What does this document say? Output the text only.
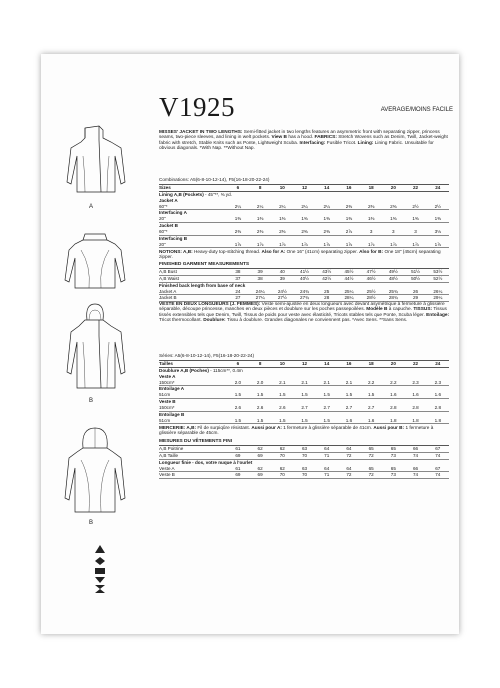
A
B
B
V1925	AVERAGE/MOINS FACILE

MISSES' JACKET IN TWO LENGTHS: Semi-fitted jacket in two lengths features an asymmetric front with separating zipper, princess seams, two-piece sleeves, and lining in welt pockets. View B has a hood. FABRICS: Stretch Wovens such as Denim, Twill, Jacket-weight fabric with stretch, Stable Knits such as Ponte, Lightweight Scuba. Interfacing: Fusible Tricot. Lining: Lining Fabric. Unsuitable for obvious diagonals. *With Nap. **Without Nap.

Combinations: A5(6-8-10-12-14), F5(16-18-20-22-24)
Sizes	6	8	10	12	14	16	18	20	22	24
Lining A,B (Pockets) - 45"**, ⅜ yd.										
Jacket A										
60"*	2¼	2¼	2¼	2¼	2¼	2⅜	2⅜	2⅜	2½	2½
Interfacing A										
20"	1⅜	1⅜	1⅜	1⅜	1⅜	1⅜	1⅜	1⅜	1⅜	1⅜
Jacket B										
60"*	2⅜	2⅜	2⅜	2⅜	2⅜	2⅞	3	3	3	3⅛
Interfacing B										
20"	1⅞	1⅞	1⅞	1⅞	1⅞	1⅞	1⅞	1⅞	1⅞	1⅞
NOTIONS: A,B: Heavy-duty top-stitching thread. Also for A: One 16" (41cm) separating zipper. Also for B: One 18" (45cm) separating zipper.
FINISHED GARMENT MEASUREMENTS
A,B Bust	38	39	40	41½	43½	45½	47½	49½	51½	53½
A,B Waist	37	38	39	40½	42½	44½	46½	48½	50½	52½
Finished back length from base of neck										
Jacket A	24	24¼	24½	24¾	25	25¼	25½	25¾	26	26¼
Jacket B	27	27¼	27½	27¾	28	28¼	28½	28¾	29	29¼

VESTE EN DEUX LONGUEURS (J. FEMMES): Veste semi-ajustée en deux longueurs avec devant asymétrique à fermeture à glissière séparable, découpe princesse, manches en deux pièces et doublure sur les poches passepoilées. Modèle B à capuche. TISSUS: Tissus tissés extensibles tels que Denim, Twill, Tissus de poids pour veste avec élasticité, Tricots stables tels que Ponte, Scuba léger. Entoilage: Tricot thermocollant. Doublure: Tissu à doublure. Grandes diagonales ne conviennent pas. *Avec Sens. **Sans Sens.

Séries: A5(6-8-10-12-14), F5(16-18-20-22-24)
Tailles	6	8	10	12	14	16	18	20	22	24
Doublure A,B (Poches) - 115cm**, 0.4m										
Veste A										
150cm*	2.0	2.0	2.1	2.1	2.1	2.1	2.2	2.2	2.3	2.3
Entoilage A										
51cm	1.5	1.5	1.5	1.5	1.5	1.5	1.5	1.6	1.6	1.6
Veste B										
150cm*	2.6	2.6	2.6	2.7	2.7	2.7	2.7	2.8	2.8	2.8
Entoilage B										
51cm	1.5	1.5	1.5	1.5	1.5	1.6	1.6	1.8	1.8	1.8
MERCERIE: A,B: Fil de surpiqûre résistant. Aussi pour A: 1 fermeture à glissière séparable de 41cm. Aussi pour B: 1 fermeture à glissière séparable de 45cm.
MESURES DU VÊTEMENTS FINI
A,B Poitrine	61	62	62	63	64	64	65	65	66	67
A,B Taille	69	69	70	70	71	72	72	73	74	74
Longueur finie - dos, votre nuque à l'ourlet										
Veste A	61	62	62	63	64	64	65	65	66	67
Veste B	69	69	70	70	71	72	72	73	74	74
